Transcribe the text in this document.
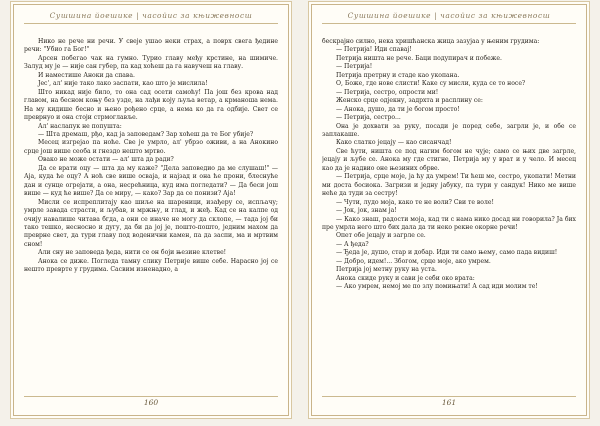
Сушшина йоешике | часойис за књижевносш

Нико не рече ни речи. У свеје ушао неки страх, а поврх свега ђедине речи: "Убио га Бог!"

Арсен побегао чак на гумно. Турио главу међу крстине, на шимиче. Залуд му је — није сан губер, па кад хоћеш да га навучеш на главу.

И наместише Аноки да спава.

Јес', ал' није тако лако заспати, као што је мислила!

Што никад није било, то она сад осети самоћу! Па још без крова над главом, на бесном коњу без узде, на лађи коју љуља ветар, а крманоша нема. На му кидише бесно и њено рођено срце, а нема ко да га одбије. Свет се преврнуо и она стоји стрмоглавље.

Ал' наслапук не попушта:

— Шта дремаш, рђо, кад ја заповедам? Зар хоћеш да те Бог убије?

Месец изгрејао па ноће. Све је умрло, ал' убрзо оживи, а на Анокино срце још више сеоба и гнездо нешто мртво.

Овако не може остати — ал' шта да ради?

Да се врати оцу — шта да му каже? "Дела заповедио да ме слушаш!" — Аја, куда ће оцу? А ноћ све више осваја, и најзад и она ће прони, блеснуће дан и сунце огрејати, а она, несрећница, куд има погледати? — Да беси још више — куд ће више? Да се миру, — како? Зар да се понизи? Аја!

Мисли се испреплитају као шиље на шареници, изађеру се, испљачу; умрле завада страсти, и љубав, и мржњу, и глад, и жеђ. Кад се на калпе од очију навалише читава бгда, а они се иначе не могу да склопе, — тада јој би тако тешко, несносно и дугу, да би да јој је, пошто-пошто, једним махом да преврне свет, да тури главу под воденични камен, па да заспи, ма и мртвим сном!

Али сну не заповеда ђеда, нити се он боји њезине клетве!

Анока се диже. Погледа тамну слику Петрије више себе. Нарасно јој се нешто преврте у грудима. Сасвим изненадно, а

160
Сушшина йоешике | часойис за књижевносш

бескрајно силно, нека хришћанска жица зазујаа у њеним грудима:

— Петрија! Иди спавај!

Петрија ништа не рече. Баци подупирач и побеже.

— Петрија!

Петрија претрну и стаде као укопана.

О, Боже, где нове слисти! Каке су мисли, куда се то носе?

— Петрија, сестро, опрости ми!

Женско срце одјекну, задрхта и расплину се:

— Анока, душо, да ти је богом просто!

— Петрија, сестро...

Она је дохвати за руку, посади је поред себе, загрли је, и обе се заплакаше.

Како слатко јецају — као сисанчад!

Све ћути, ништа се под нагим богом не чује; само се њих две загрле, јецају и љубе се. Анока му где стигне, Петрија му у врат и у чело. И месец као да је надвио оне њезиних обрве.

— Петрија, срце моје, ја ћу да умрем! Ти ћеш ме, сестро, укопати! Метни ми доста босиока. Загризи и једну јабуку, па тури у сандук! Нико ме више неће да туди за сестру!

— Чути, лудо моја, како те не воли? Сви те воле!

— Јок, јок, знам ја!

— Како знаш, радости моја, кад ти с нама нико досад ни говорила? Ја бих пре умрла него што бих дала да ти неко рекне окорне речи!

Опет обе јецају и загрле се.

— А ђеда?

— Ђеда је, душо, стар и добар. Иди ти само њему, само пада видиш!

— Добро, идем!... Збогом, срце моје, ако умрем.

Петрија јој метну руку на уста.

Анока скиде руку и сави је себи око врата:

— Ако умрем, немој ме по злу помињати! А сад иди молим те!

161
